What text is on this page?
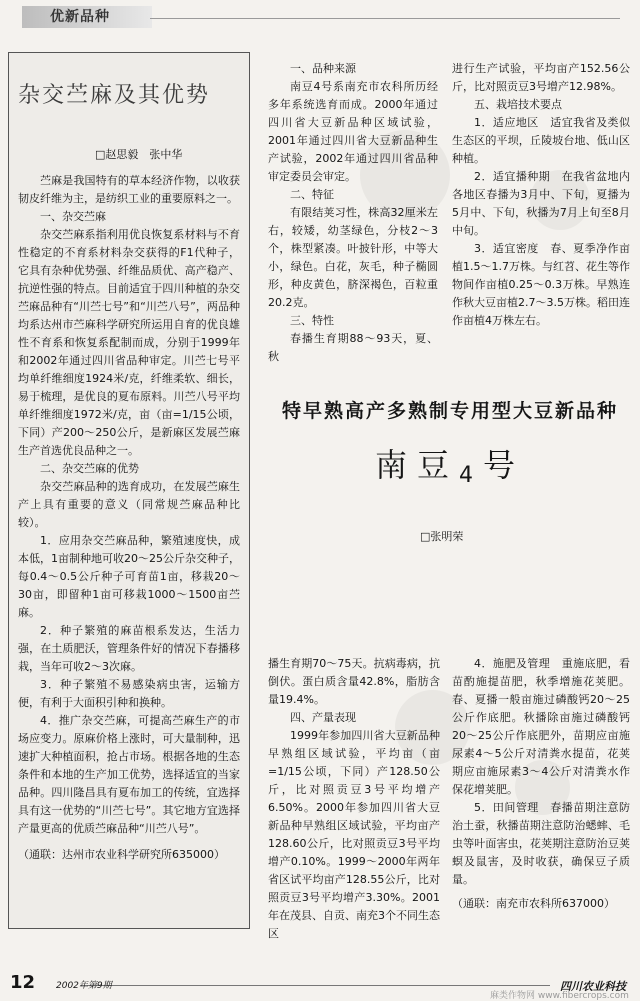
优新品种
杂交苎麻及其优势
□赵思毅　张中华

苎麻是我国特有的草本经济作物，以收获韧皮纤维为主，是纺织工业的重要原料之一。

一、杂交苎麻

杂交苎麻系指利用优良恢复系材料与不育性稳定的不育系材料杂交获得的F1代种子，它具有杂种优势强、纤维品质优、高产稳产、抗逆性强的特点。目前适宜于四川种植的杂交苎麻品种有“川苎七号”和“川苎八号”，两品种均系达州市苎麻科学研究所运用自育的优良雄性不育系和恢复系配制而成，分别于1999年和2002年通过四川省品种审定。川苎七号平均单纤维细度1924米/克，纤维柔软、细长，易于梳理，是优良的夏布原料。川苎八号平均单纤维细度1972米/克，亩（亩=1/15公顷，下同）产200～250公斤，是新麻区发展苎麻生产首选优良品种之一。

二、杂交苎麻的优势

杂交苎麻品种的选育成功，在发展苎麻生产上具有重要的意义（同常规苎麻品种比较）。

1．应用杂交苎麻品种，繁殖速度快，成本低，1亩制种地可收20～25公斤杂交种子，每0.4～0.5公斤种子可育苗1亩，移栽20～30亩，即留种1亩可移栽1000～1500亩苎麻。

2．种子繁殖的麻苗根系发达，生活力强，在土质肥沃，管理条件好的情况下春播移栽，当年可收2～3次麻。

3．种子繁殖不易感染病虫害，运输方便，有利于大面积引种和换种。

4．推广杂交苎麻，可提高苎麻生产的市场应变力。原麻价格上涨时，可大量制种，迅速扩大种植面积，抢占市场。根据各地的生态条件和本地的生产加工优势，选择适宜的当家品种。四川隆昌具有夏布加工的传统，宜选择具有这一优势的“川苎七号”。其它地方宜选择产量更高的优质苎麻品种“川苎八号”。

（通联：达州市农业科学研究所635000）

一、品种来源

南豆4号系南充市农科所历经多年系统选育而成。2000年通过四川省大豆新品种区域试验，2001年通过四川省大豆新品种生产试验，2002年通过四川省品种审定委员会审定。

二、特征

有限结荚习性，株高32厘米左右，较矮，幼茎绿色，分枝2～3个，株型紧凑。叶披针形，中等大小，绿色。白花，灰毛，种子椭圆形，种皮黄色，脐深褐色，百粒重20.2克。

三、特性

春播生育期88～93天，夏、秋

进行生产试验，平均亩产152.56公斤，比对照贡豆3号增产12.98%。

五、栽培技术要点

1．适应地区　适宜我省及类似生态区的平坝，丘陵坡台地、低山区种植。

2．适宜播种期　在我省盆地内各地区春播为3月中、下旬，夏播为5月中、下旬，秋播为7月上旬至8月中旬。

3．适宜密度　春、夏季净作亩植1.5～1.7万株。与红苕、花生等作物间作亩植0.25～0.3万株。早熟连作秋大豆亩植2.7～3.5万株。稻田连作亩植4万株左右。

特早熟高产多熟制专用型大豆新品种
南豆4号
□张明荣

播生育期70～75天。抗病毒病，抗倒伏。蛋白质含量42.8%，脂肪含量19.4%。

四、产量表现

1999年参加四川省大豆新品种早熟组区域试验，平均亩（亩=1/15公顷，下同）产128.50公斤，比对照贡豆3号平均增产6.50%。2000年参加四川省大豆新品种早熟组区域试验，平均亩产128.60公斤，比对照贡豆3号平均增产0.10%。1999～2000年两年省区试平均亩产128.55公斤，比对照贡豆3号平均增产3.30%。2001年在茂县、自贡、南充3个不同生态区

4．施肥及管理　重施底肥，看苗酌施提苗肥，秋季增施花荚肥。春、夏播一般亩施过磷酸钙20～25公斤作底肥。秋播除亩施过磷酸钙20～25公斤作底肥外，苗期应亩施尿素4～5公斤对清粪水提苗，花荚期应亩施尿素3～4公斤对清粪水作保花增荚肥。

5．田间管理　春播苗期注意防治土蚕，秋播苗期注意防治蟋蟀、毛虫等叶面害虫，花荚期注意防治豆荚螟及鼠害，及时收获，确保豆子质量。

（通联：南充市农科所637000）

12 2002年第9期
麻类作物网 www.fibercrops.com
四川农业科技
